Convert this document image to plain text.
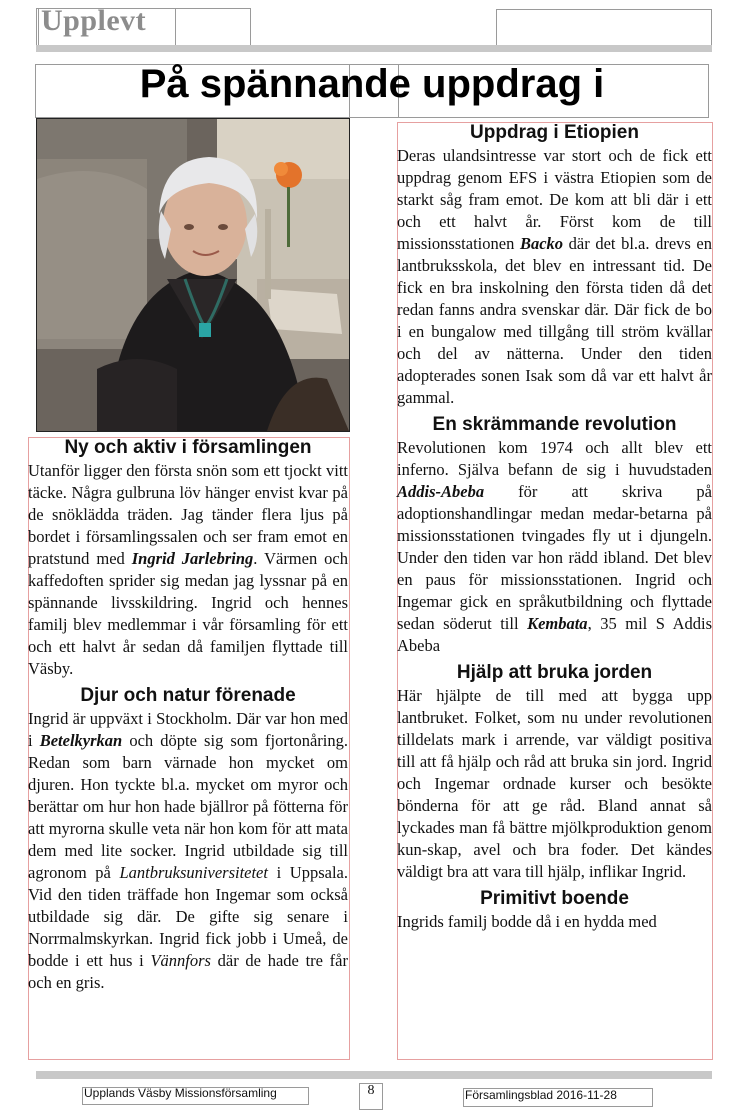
Upplevt
På spännande uppdrag i
Ny och aktiv i församlingen

Utanför ligger den första snön som ett tjockt vitt täcke. Några gulbruna löv hänger envist kvar på de snöklädda träden. Jag tänder flera ljus på bordet i församlingssalen och ser fram emot en pratstund med Ingrid Jarlebring. Värmen och kaffedoften sprider sig medan jag lyssnar på en spännande livsskildring. Ingrid och hennes familj blev medlemmar i vår församling för ett och ett halvt år sedan då familjen flyttade till Väsby.

Djur och natur förenade

Ingrid är uppväxt i Stockholm. Där var hon med i Betelkyrkan och döpte sig som fjortonåring. Redan som barn värnade hon mycket om djuren. Hon tyckte bl.a. mycket om myror och berättar om hur hon hade bjällror på fötterna för att myrorna skulle veta när hon kom för att mata dem med lite socker. Ingrid utbildade sig till agronom på Lantbruksuniversitetet i Uppsala. Vid den tiden träffade hon Ingemar som också utbildade sig där. De gifte sig senare i Norrmalmskyrkan. Ingrid fick jobb i Umeå, de bodde i ett hus i Vännfors där de hade tre får och en gris.

Uppdrag i Etiopien

Deras ulandsintresse var stort och de fick ett uppdrag genom EFS i västra Etiopien som de starkt såg fram emot. De kom att bli där i ett och ett halvt år. Först kom de till missionsstationen Backo där det bl.a. drevs en lantbruksskola, det blev en intressant tid. De fick en bra inskolning den första tiden då det redan fanns andra svenskar där. Där fick de bo i en bungalow med tillgång till ström kvällar och del av nätterna. Under den tiden adopterades sonen Isak som då var ett halvt år gammal.

En skrämmande revolution

Revolutionen kom 1974 och allt blev ett inferno. Själva befann de sig i huvudstaden Addis-Abeba för att skriva på adoptionshandlingar medan medar-betarna på missionsstationen tvingades fly ut i djungeln. Under den tiden var hon rädd ibland. Det blev en paus för missionsstationen. Ingrid och Ingemar gick en språkutbildning och flyttade sedan söderut till Kembata, 35 mil S Addis Abeba

Hjälp att bruka jorden

Här hjälpte de till med att bygga upp lantbruket. Folket, som nu under revolutionen tilldelats mark i arrende, var väldigt positiva till att få hjälp och råd att bruka sin jord. Ingrid och Ingemar ordnade kurser och besökte bönderna för att ge råd. Bland annat så lyckades man få bättre mjölkproduktion genom kun-skap, avel och bra foder. Det kändes väldigt bra att vara till hjälp, inflikar Ingrid.

Primitivt boende

Ingrids familj bodde då i en hydda med

Upplands Väsby Missionsförsamling	8	Församlingsblad 2016-11-28
